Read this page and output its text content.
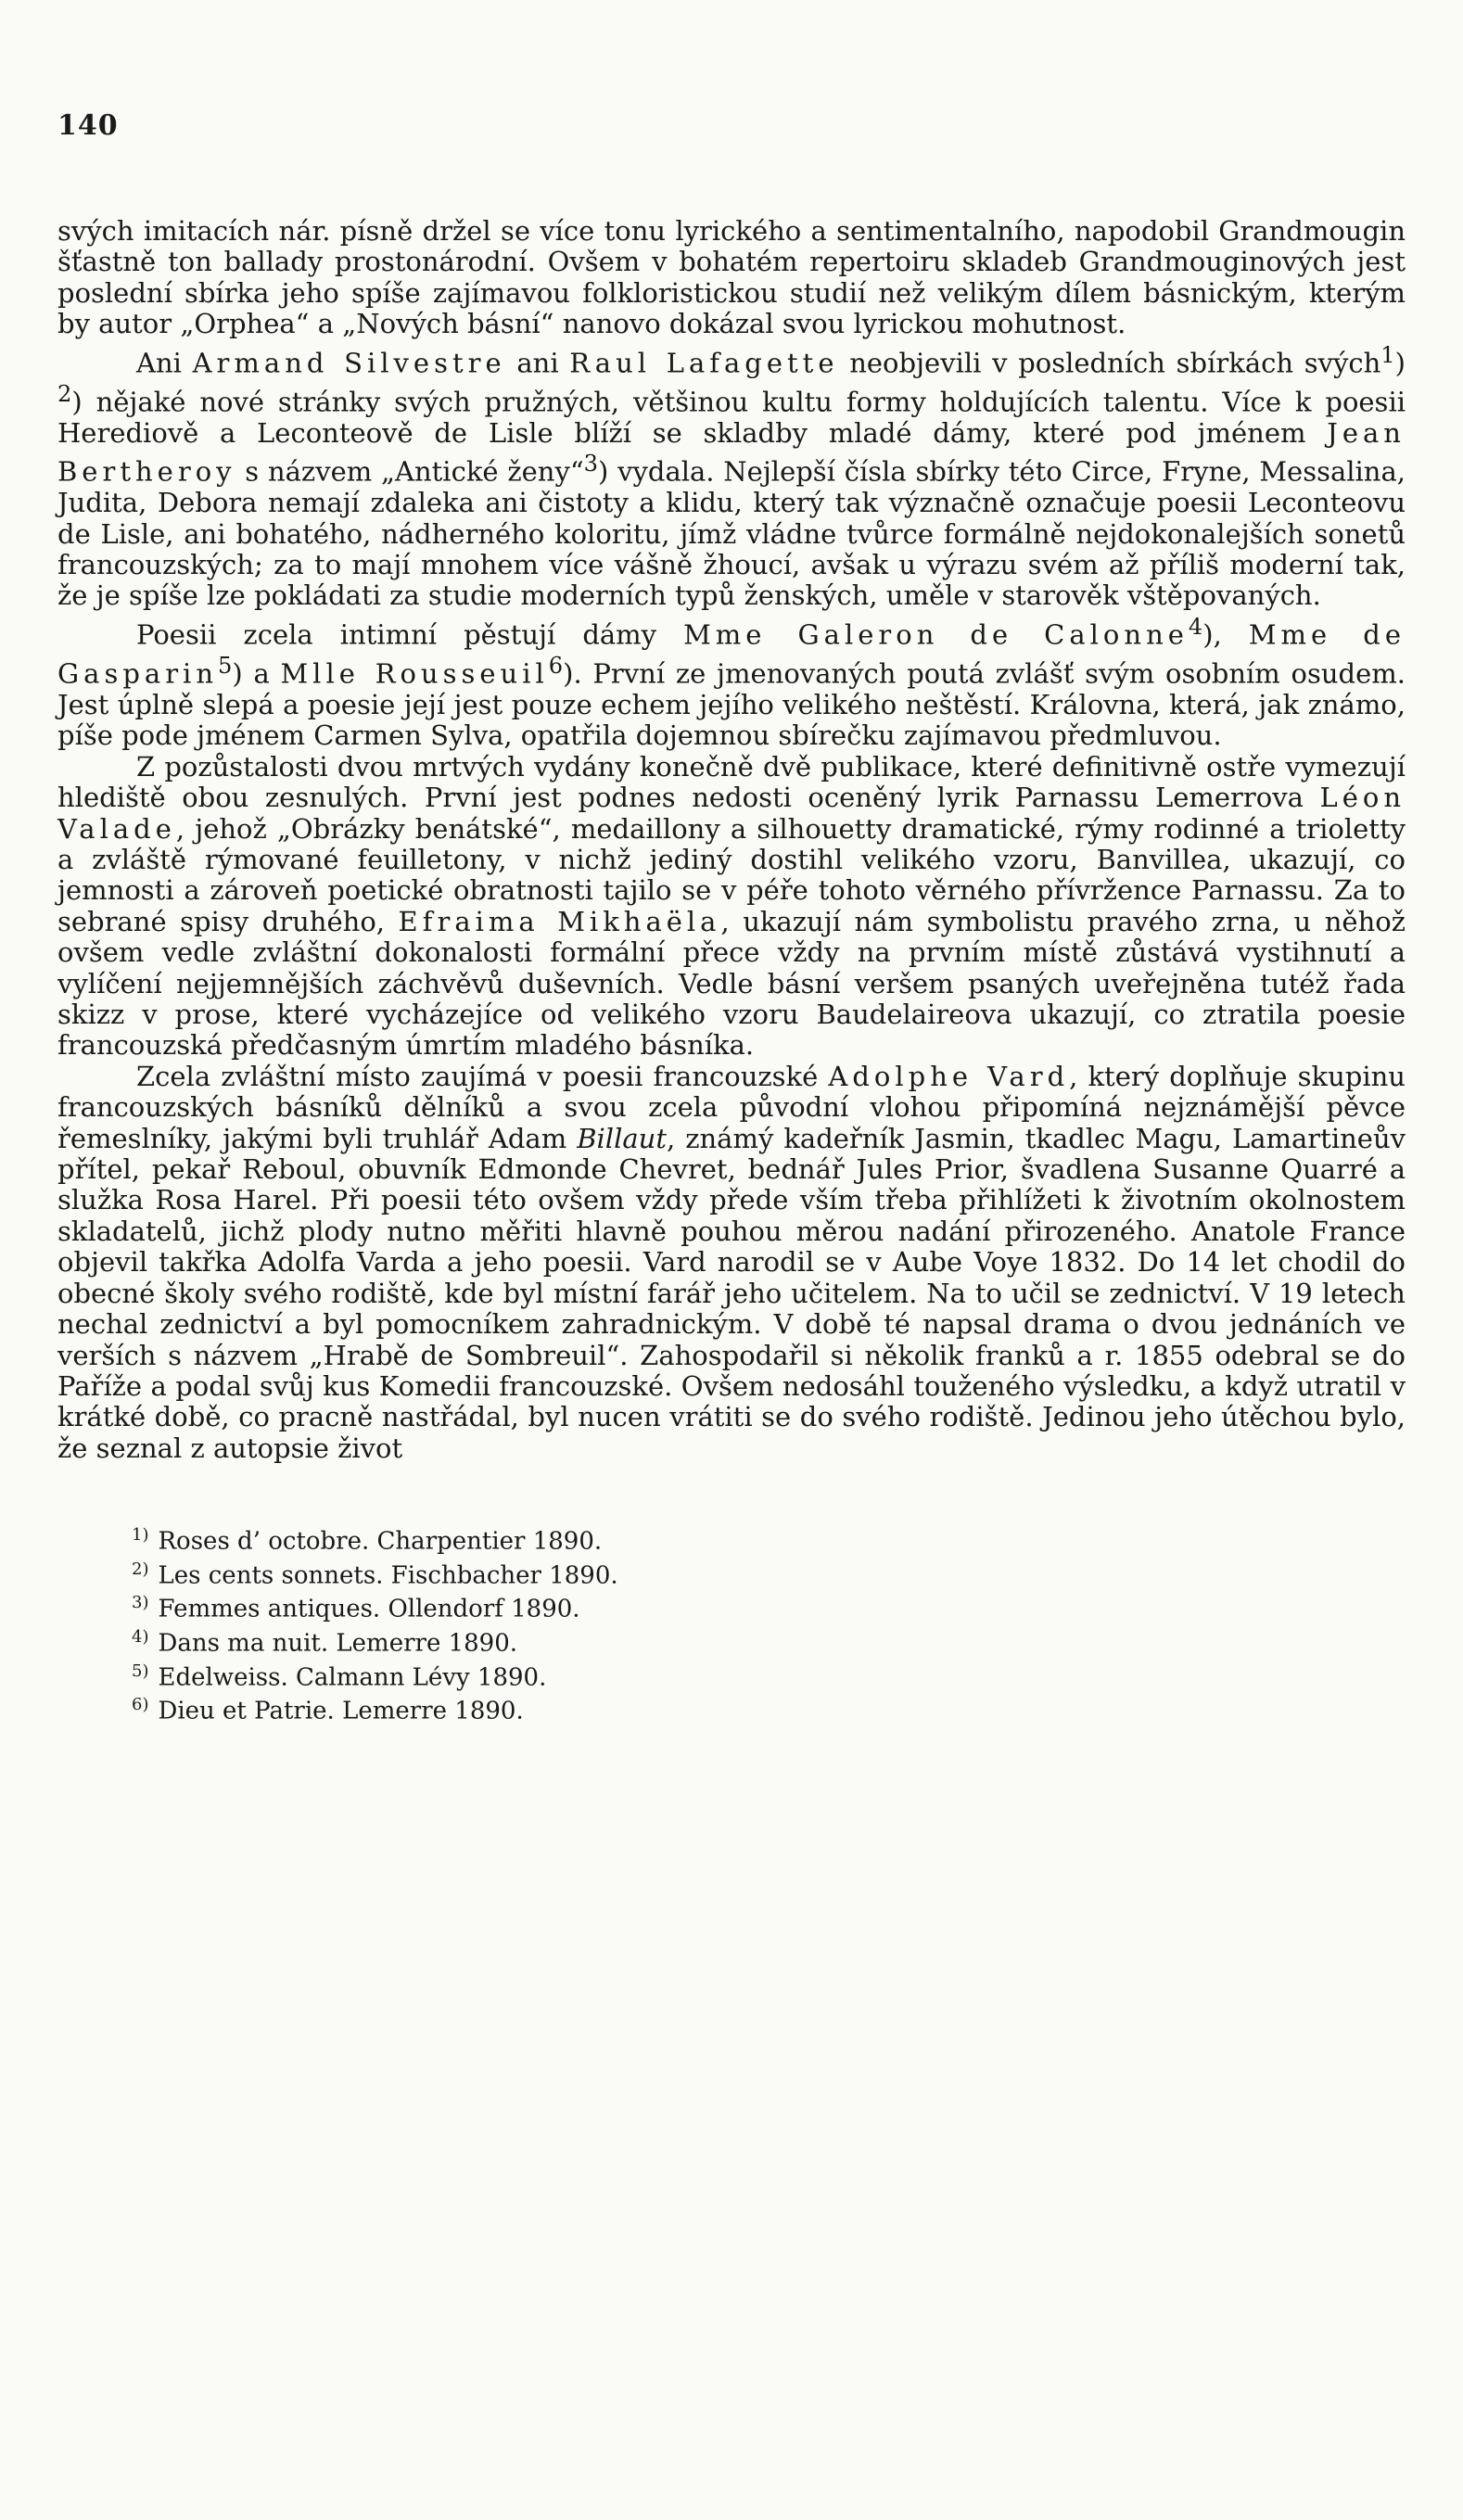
140

svých imitacích nár. písně držel se více tonu lyrického a sentimentalního, napodobil Grandmougin šťastně ton ballady prostonárodní. Ovšem v bohatém repertoiru skladeb Grandmouginových jest poslední sbírka jeho spíše zajímavou folkloristickou studií než velikým dílem básnickým, kterým by autor „Orphea“ a „Nových básní“ nanovo dokázal svou lyrickou mohutnost.

Ani Armand Silvestre ani Raul Lafagette neobjevili v posledních sbírkách svých$^1$) $^2$) nějaké nové stránky svých pružných, většinou kultu formy holdujících talentu. Více k poesii Herediově a Leconteově de Lisle blíží se skladby mladé dámy, které pod jménem Jean Bertheroy s názvem „Antické ženy“$^3$) vydala. Nejlepší čísla sbírky této Circe, Fryne, Messalina, Judita, Debora nemají zdaleka ani čistoty a klidu, který tak význačně označuje poesii Leconteovu de Lisle, ani bohatého, nádherného koloritu, jímž vládne tvůrce formálně nejdokonalejších sonetů francouzských; za to mají mnohem více vášně žhoucí, avšak u výrazu svém až příliš moderní tak, že je spíše lze pokládati za studie moderních typů ženských, uměle v starověk vštěpovaných.

Poesii zcela intimní pěstují dámy Mme Galeron de Calonne$^4$), Mme de Gasparin$^5$) a Mlle Rousseuil$^6$). První ze jmenovaných poutá zvlášť svým osobním osudem. Jest úplně slepá a poesie její jest pouze echem jejího velikého neštěstí. Královna, která, jak známo, píše pode jménem Carmen Sylva, opatřila dojemnou sbírečku zajímavou předmluvou.

Z pozůstalosti dvou mrtvých vydány konečně dvě publikace, které definitivně ostře vymezují hlediště obou zesnulých. První jest podnes nedosti oceněný lyrik Parnassu Lemerrova Léon Valade, jehož „Obrázky benátské“, medaillony a silhouetty dramatické, rýmy rodinné a trioletty a zvláště rýmované feuilletony, v nichž jediný dostihl velikého vzoru, Banvillea, ukazují, co jemnosti a zároveň poetické obratnosti tajilo se v péře tohoto věrného přívržence Parnassu. Za to sebrané spisy druhého, Efraima Mikhaëla, ukazují nám symbolistu pravého zrna, u něhož ovšem vedle zvláštní dokonalosti formální přece vždy na prvním místě zůstává vystihnutí a vylíčení nejjemnějších záchvěvů duševních. Vedle básní veršem psaných uveřejněna tutéž řada skizz v prose, které vycházejíce od velikého vzoru Baudelaireova ukazují, co ztratila poesie francouzská předčasným úmrtím mladého básníka.

Zcela zvláštní místo zaujímá v poesii francouzské Adolphe Vard, který doplňuje skupinu francouzských básníků dělníků a svou zcela původní vlohou připomíná nejznámější pěvce řemeslníky, jakými byli truhlář Adam Billaut, známý kadeřník Jasmin, tkadlec Magu, Lamartineův přítel, pekař Reboul, obuvník Edmonde Chevret, bednář Jules Prior, švadlena Susanne Quarré a služka Rosa Harel. Při poesii této ovšem vždy přede vším třeba přihlížeti k životním okolnostem skladatelů, jichž plody nutno měřiti hlavně pouhou měrou nadání přirozeného. Anatole France objevil takřka Adolfa Varda a jeho poesii. Vard narodil se v Aube Voye 1832. Do 14 let chodil do obecné školy svého rodiště, kde byl místní farář jeho učitelem. Na to učil se zednictví. V 19 letech nechal zednictví a byl pomocníkem zahradnickým. V době té napsal drama o dvou jednáních ve verších s názvem „Hrabě de Sombreuil“. Zahospodařil si několik franků a r. 1855 odebral se do Paříže a podal svůj kus Komedii francouzské. Ovšem nedosáhl touženého výsledku, a když utratil v krátké době, co pracně nastřádal, byl nucen vrátiti se do svého rodiště. Jedinou jeho útěchou bylo, že seznal z autopsie život

$^{1)}$ Roses d’ octobre. Charpentier 1890.
$^{2)}$ Les cents sonnets. Fischbacher 1890.
$^{3)}$ Femmes antiques. Ollendorf 1890.
$^{4)}$ Dans ma nuit. Lemerre 1890.
$^{5)}$ Edelweiss. Calmann Lévy 1890.
$^{6)}$ Dieu et Patrie. Lemerre 1890.
